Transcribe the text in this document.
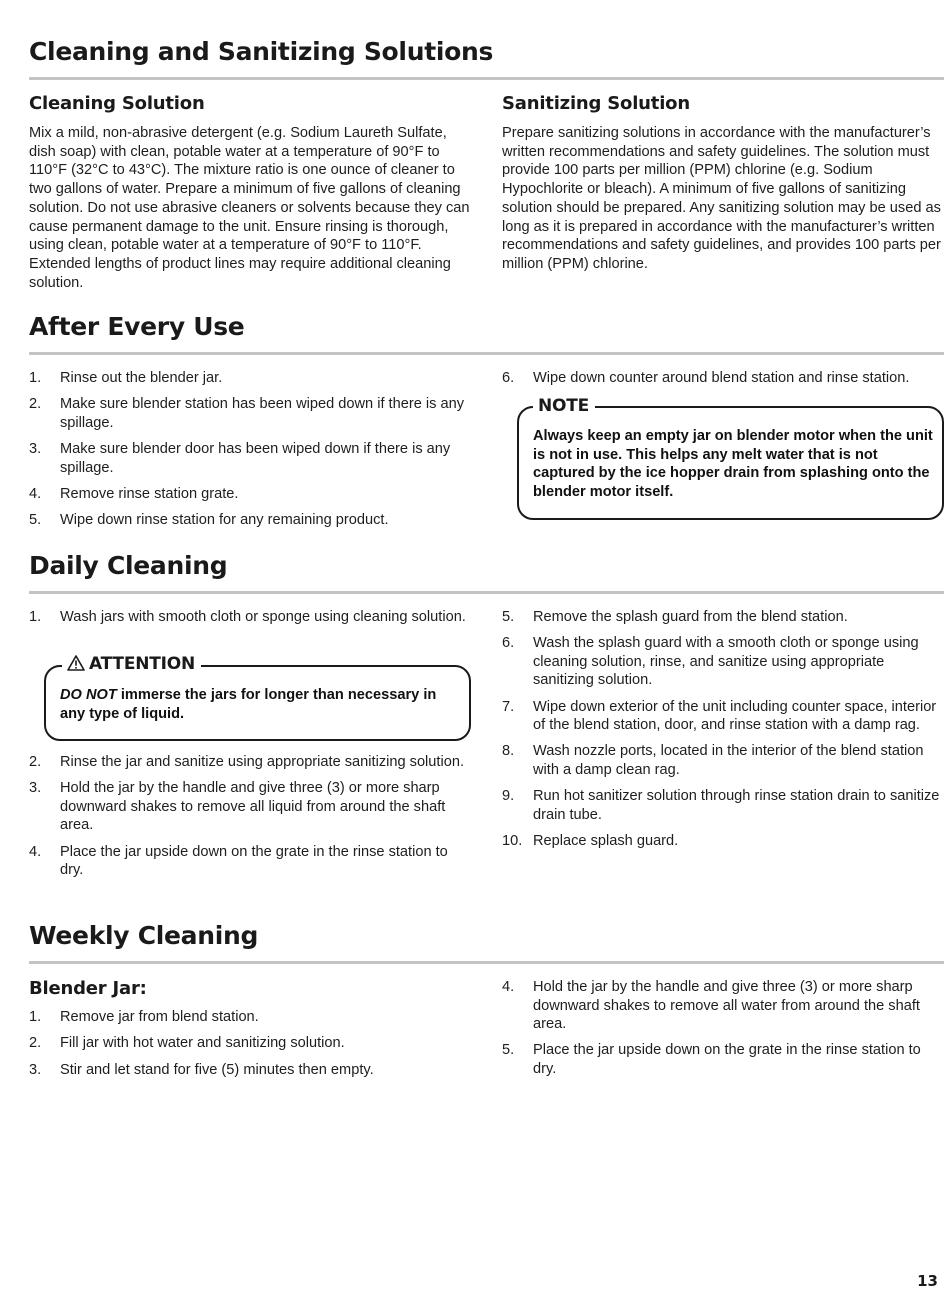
Cleaning and Sanitizing Solutions
Cleaning Solution

Mix a mild, non-abrasive detergent (e.g. Sodium Laureth Sulfate, dish soap) with clean, potable water at a temperature of 90°F to 110°F (32°C to 43°C). The mixture ratio is one ounce of cleaner to two gallons of water. Prepare a minimum of five gallons of cleaning solution. Do not use abrasive cleaners or solvents because they can cause permanent damage to the unit. Ensure rinsing is thorough, using clean, potable water at a temperature of 90°F to 110°F. Extended lengths of product lines may require additional cleaning solution.

Sanitizing Solution

Prepare sanitizing solutions in accordance with the manufacturer’s written recommendations and safety guidelines. The solution must provide 100 parts per million (PPM) chlorine (e.g. Sodium Hypochlorite or bleach). A minimum of five gallons of sanitizing solution should be prepared. Any sanitizing solution may be used as long as it is prepared in accordance with the manufacturer’s written recommendations and safety guidelines, and provides 100 parts per million (PPM) chlorine.

After Every Use
1. Rinse out the blender jar.
2. Make sure blender station has been wiped down if there is any spillage.
3. Make sure blender door has been wiped down if there is any spillage.
4. Remove rinse station grate.
5. Wipe down rinse station for any remaining product.
6. Wipe down counter around blend station and rinse station.
NOTE
Always keep an empty jar on blender motor when the unit is not in use. This helps any melt water that is not captured by the ice hopper drain from splashing onto the blender motor itself.
Daily Cleaning
1. Wash jars with smooth cloth or sponge using cleaning solution.
ATTENTION
DO NOT immerse the jars for longer than necessary in any type of liquid.
2. Rinse the jar and sanitize using appropriate sanitizing solution.
3. Hold the jar by the handle and give three (3) or more sharp downward shakes to remove all liquid from around the shaft area.
4. Place the jar upside down on the grate in the rinse station to dry.
5. Remove the splash guard from the blend station.
6. Wash the splash guard with a smooth cloth or sponge using cleaning solution, rinse, and sanitize using appropriate sanitizing solution.
7. Wipe down exterior of the unit including counter space, interior of the blend station, door, and rinse station with a damp rag.
8. Wash nozzle ports, located in the interior of the blend station with a damp clean rag.
9. Run hot sanitizer solution through rinse station drain to sanitize drain tube.
10. Replace splash guard.
Weekly Cleaning
Blender Jar:
1. Remove jar from blend station.
2. Fill jar with hot water and sanitizing solution.
3. Stir and let stand for five (5) minutes then empty.
4. Hold the jar by the handle and give three (3) or more sharp downward shakes to remove all water from around the shaft area.
5. Place the jar upside down on the grate in the rinse station to dry.
13
